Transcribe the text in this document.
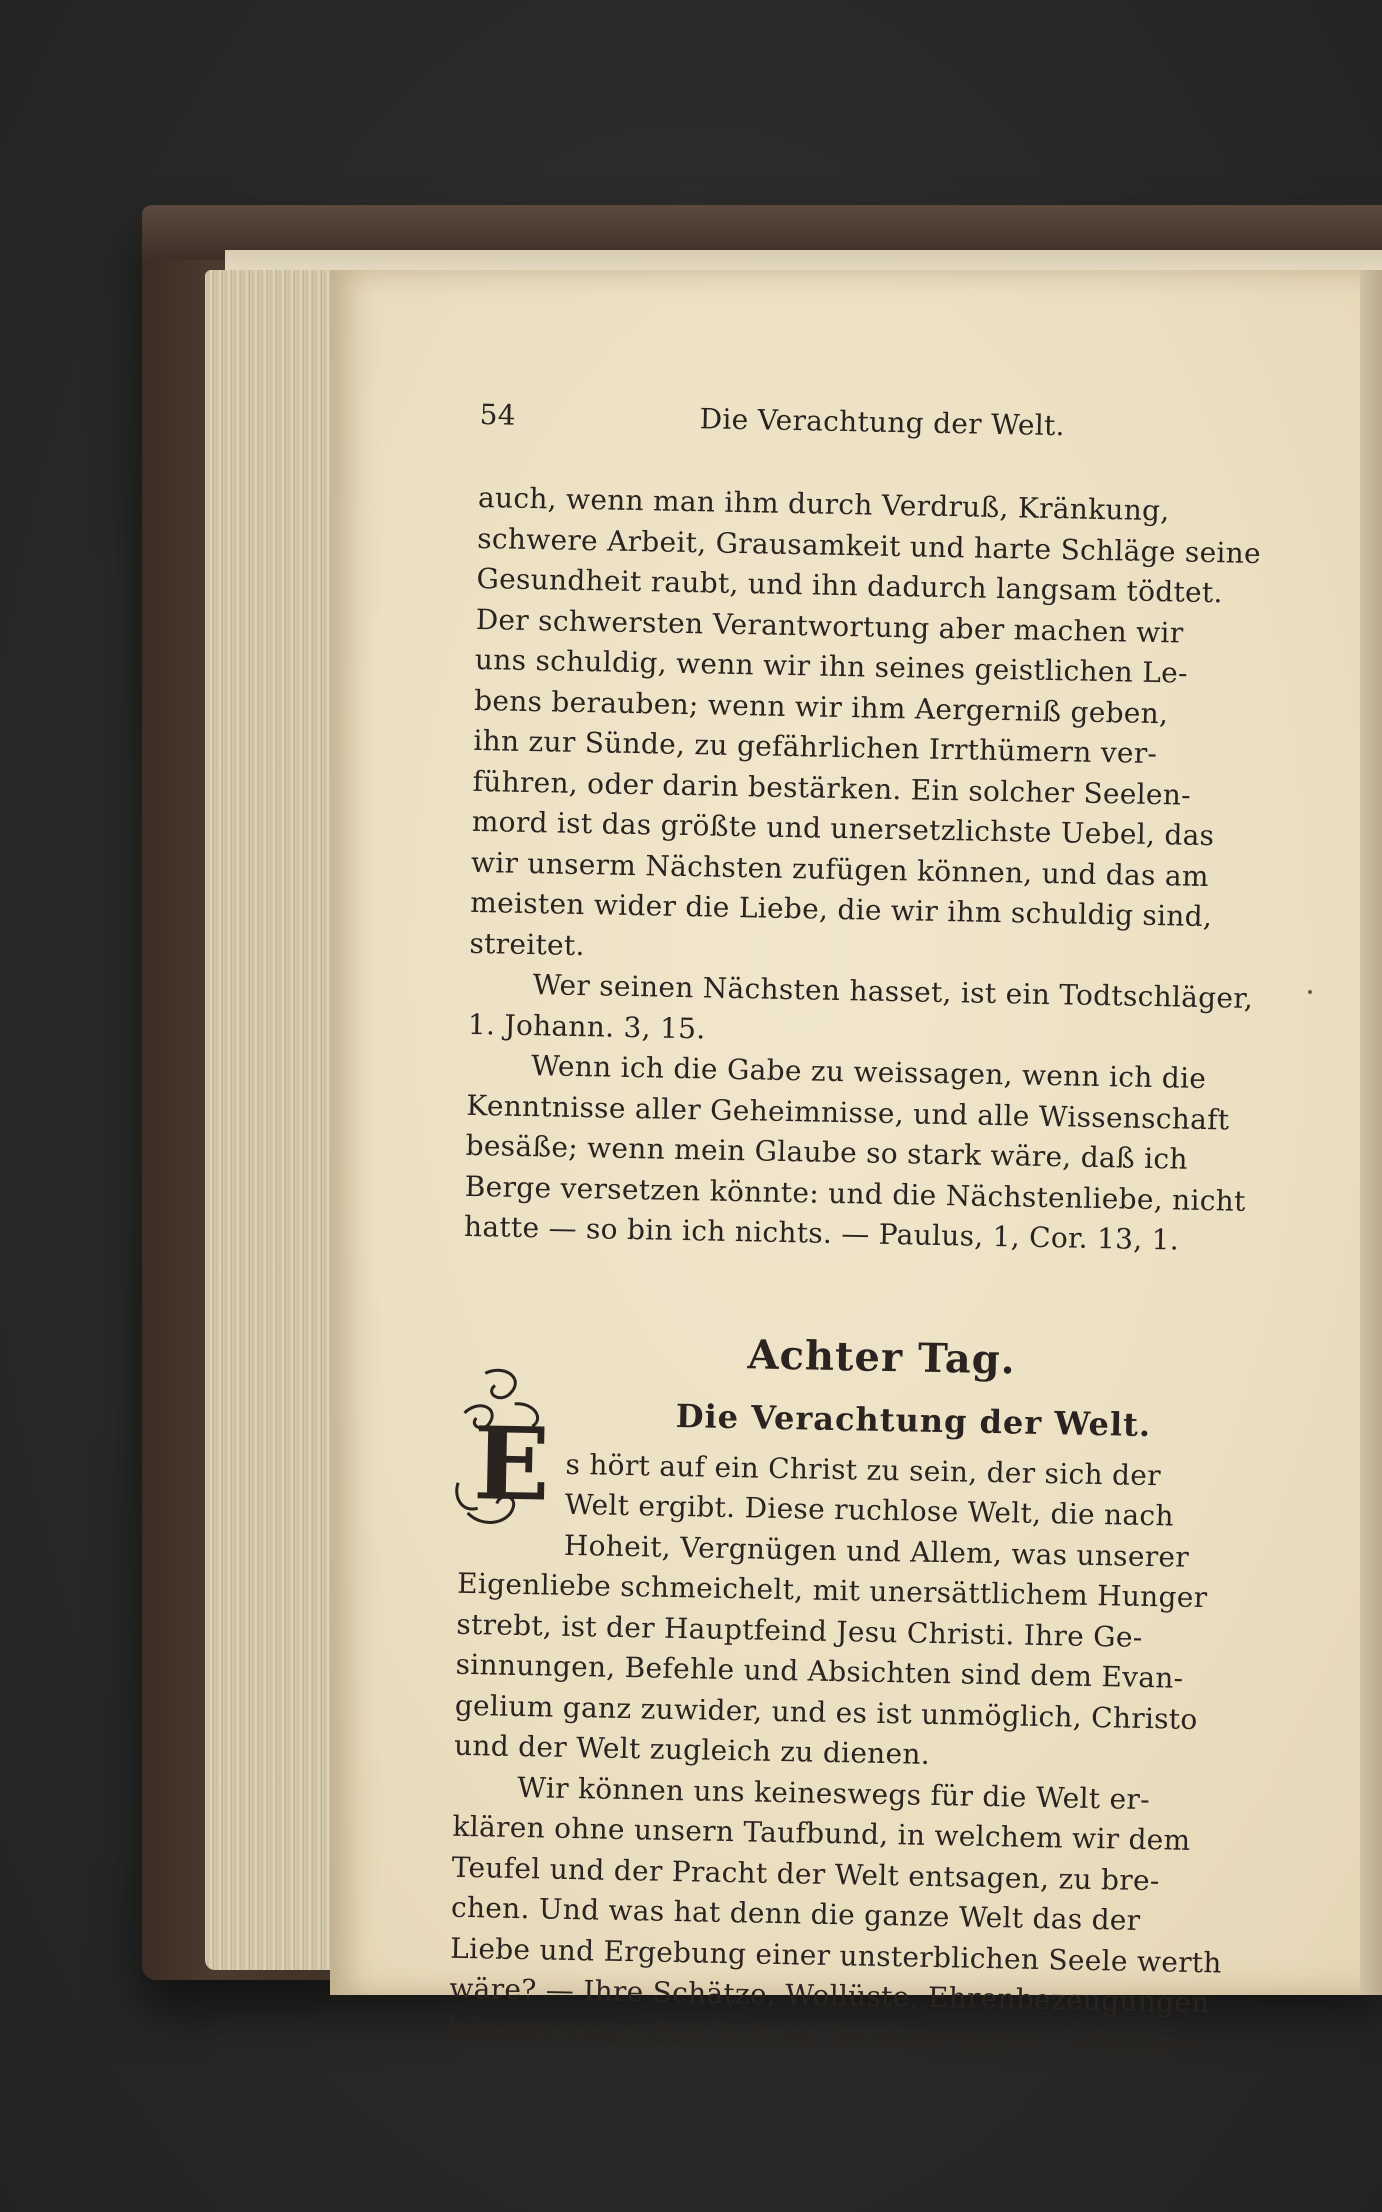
54	Die Verachtung der Welt.
auch, wenn man ihm durch Verdruß, Kränkung,
schwere Arbeit, Grausamkeit und harte Schläge seine
Gesundheit raubt, und ihn dadurch langsam tödtet.
Der schwersten Verantwortung aber machen wir
uns schuldig, wenn wir ihn seines geistlichen Le-
bens berauben; wenn wir ihm Aergerniß geben,
ihn zur Sünde, zu gefährlichen Irrthümern ver-
führen, oder darin bestärken. Ein solcher Seelen-
mord ist das größte und unersetzlichste Uebel, das
wir unserm Nächsten zufügen können, und das am
meisten wider die Liebe, die wir ihm schuldig sind,
streitet.
Wer seinen Nächsten hasset, ist ein Todtschläger,
1. Johann. 3, 15.
Wenn ich die Gabe zu weissagen, wenn ich die
Kenntnisse aller Geheimnisse, und alle Wissenschaft
besäße; wenn mein Glaube so stark wäre, daß ich
Berge versetzen könnte: und die Nächstenliebe, nicht
hatte — so bin ich nichts. — Paulus, 1, Cor. 13, 1.
Achter Tag.
E	Die Verachtung der Welt.
s hört auf ein Christ zu sein, der sich der
Welt ergibt. Diese ruchlose Welt, die nach
Hoheit, Vergnügen und Allem, was unserer
Eigenliebe schmeichelt, mit unersättlichem Hunger
strebt, ist der Hauptfeind Jesu Christi. Ihre Ge-
sinnungen, Befehle und Absichten sind dem Evan-
gelium ganz zuwider, und es ist unmöglich, Christo
und der Welt zugleich zu dienen.
Wir können uns keineswegs für die Welt er-
klären ohne unsern Taufbund, in welchem wir dem
Teufel und der Pracht der Welt entsagen, zu bre-
chen. Und was hat denn die ganze Welt das der
Liebe und Ergebung einer unsterblichen Seele werth
wäre? — Ihre Schätze, Wollüste, Ehrenbezeugungen
können zwar, durch ihren betrügerischen Schimmer,
